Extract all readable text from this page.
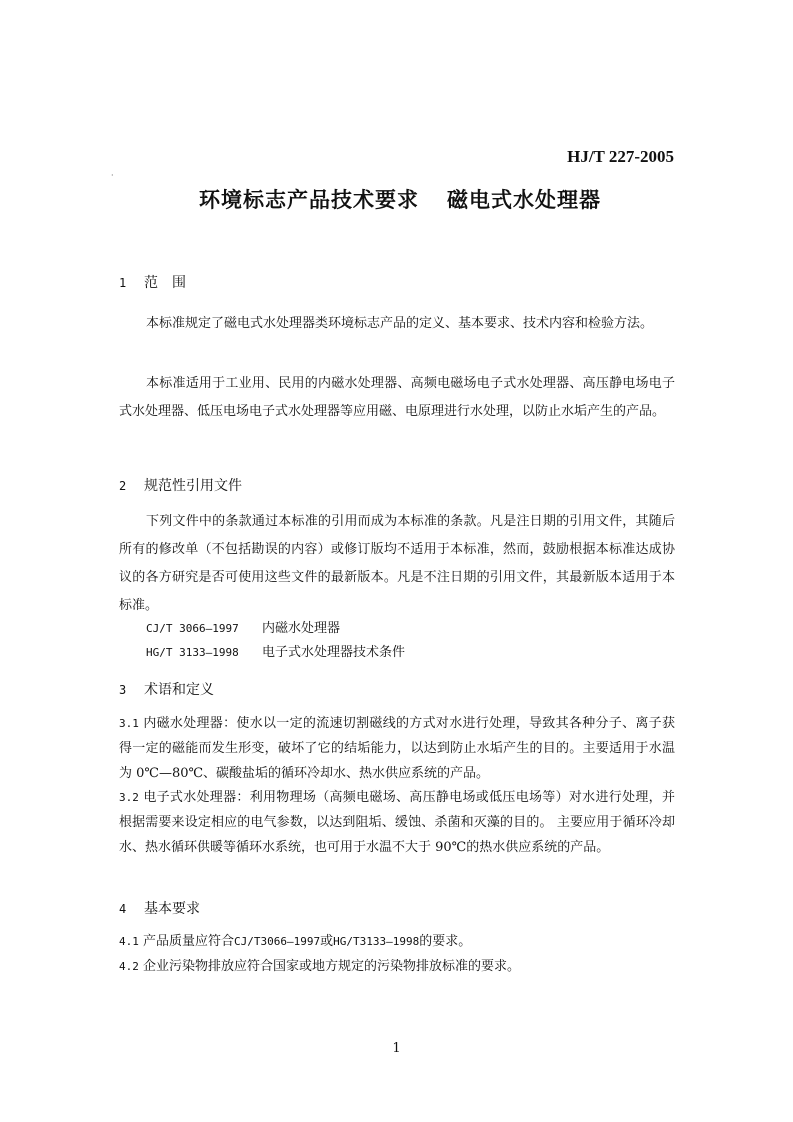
HJ/T 227-2005
·
环境标志产品技术要求 磁电式水处理器
1 范　围
本标准规定了磁电式水处理器类环境标志产品的定义、基本要求、技术内容和检验方法。
本标准适用于工业用、民用的内磁水处理器、高频电磁场电子式水处理器、高压静电场电子式水处理器、低压电场电子式水处理器等应用磁、电原理进行水处理，以防止水垢产生的产品。
2 规范性引用文件
下列文件中的条款通过本标准的引用而成为本标准的条款。凡是注日期的引用文件，其随后所有的修改单（不包括勘误的内容）或修订版均不适用于本标准，然而，鼓励根据本标准达成协议的各方研究是否可使用这些文件的最新版本。凡是不注日期的引用文件，其最新版本适用于本标准。
CJ/T 3066—1997 内磁水处理器
HG/T 3133—1998 电子式水处理器技术条件
3 术语和定义
3.1 内磁水处理器：使水以一定的流速切割磁线的方式对水进行处理，导致其各种分子、离子获得一定的磁能而发生形变，破坏了它的结垢能力，以达到防止水垢产生的目的。主要适用于水温为 0℃—80℃、碳酸盐垢的循环冷却水、热水供应系统的产品。
3.2 电子式水处理器：利用物理场（高频电磁场、高压静电场或低压电场等）对水进行处理，并根据需要来设定相应的电气参数，以达到阻垢、缓蚀、杀菌和灭藻的目的。 主要应用于循环冷却水、热水循环供暖等循环水系统，也可用于水温不大于 90℃的热水供应系统的产品。
4 基本要求
4.1 产品质量应符合CJ/T3066—1997或HG/T3133—1998的要求。
4.2 企业污染物排放应符合国家或地方规定的污染物排放标准的要求。
1
